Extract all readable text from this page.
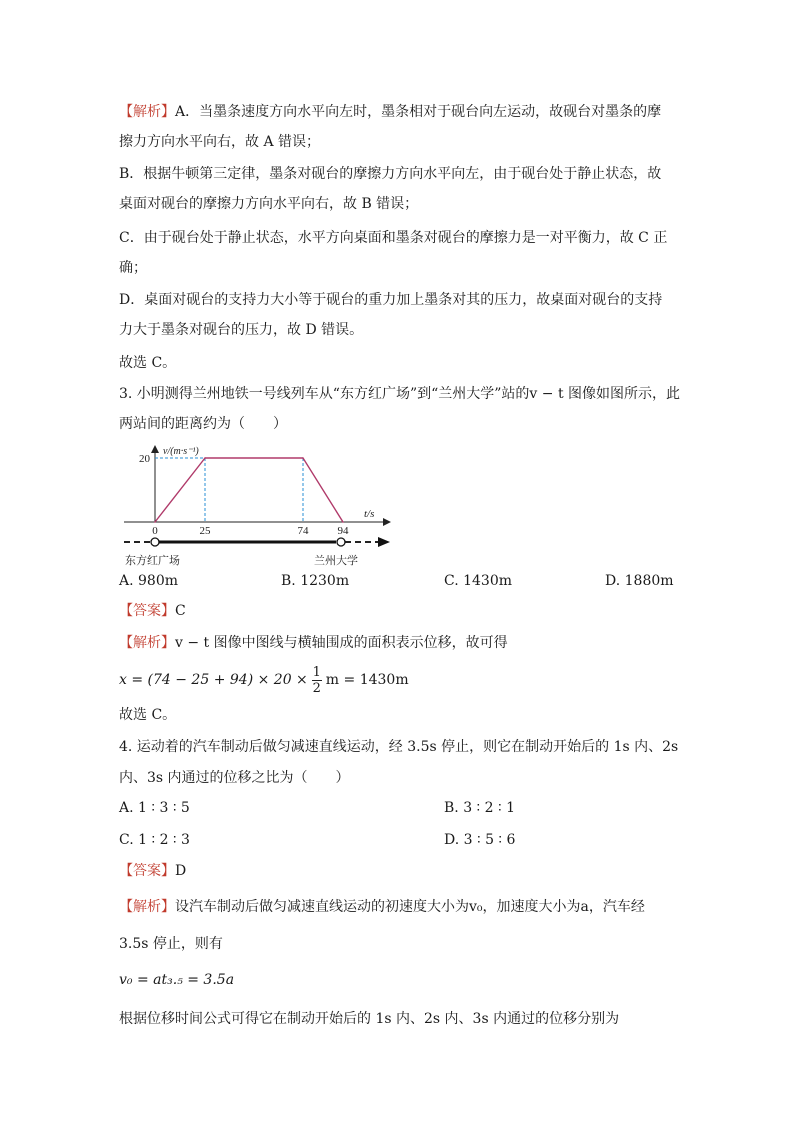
【解析】A．当墨条速度方向水平向左时，墨条相对于砚台向左运动，故砚台对墨条的摩
擦力方向水平向右，故 A 错误；
B．根据牛顿第三定律，墨条对砚台的摩擦力方向水平向左，由于砚台处于静止状态，故
桌面对砚台的摩擦力方向水平向右，故 B 错误；
C．由于砚台处于静止状态，水平方向桌面和墨条对砚台的摩擦力是一对平衡力，故 C 正
确；
D．桌面对砚台的支持力大小等于砚台的重力加上墨条对其的压力，故桌面对砚台的支持
力大于墨条对砚台的压力，故 D 错误。
故选 C。
3. 小明测得兰州地铁一号线列车从“东方红广场”到“兰州大学”站的v − t 图像如图所示，此
两站间的距离约为（　　）
0	25	74	94
20
v/(m·s⁻¹)
t/s
东方红广场	兰州大学
A. 980m	B. 1230m	C. 1430m	D. 1880m
【答案】C
【解析】v − t 图像中图线与横轴围成的面积表示位移，故可得
$x = (74 - 25 + 94) \times 20 \times \frac{1}{2}$ m = 1430m
故选 C。
4. 运动着的汽车制动后做匀减速直线运动，经 3.5s 停止，则它在制动开始后的 1s 内、2s
内、3s 内通过的位移之比为（　　）
A. 1 ∶ 3 ∶ 5	B. 3 ∶ 2 ∶ 1
C. 1 ∶ 2 ∶ 3	D. 3 ∶ 5 ∶ 6
【答案】D
【解析】设汽车制动后做匀减速直线运动的初速度大小为v₀，加速度大小为a，汽车经
3.5s 停止，则有
v₀ = at₃.₅ = 3.5a
根据位移时间公式可得它在制动开始后的 1s 内、2s 内、3s 内通过的位移分别为
